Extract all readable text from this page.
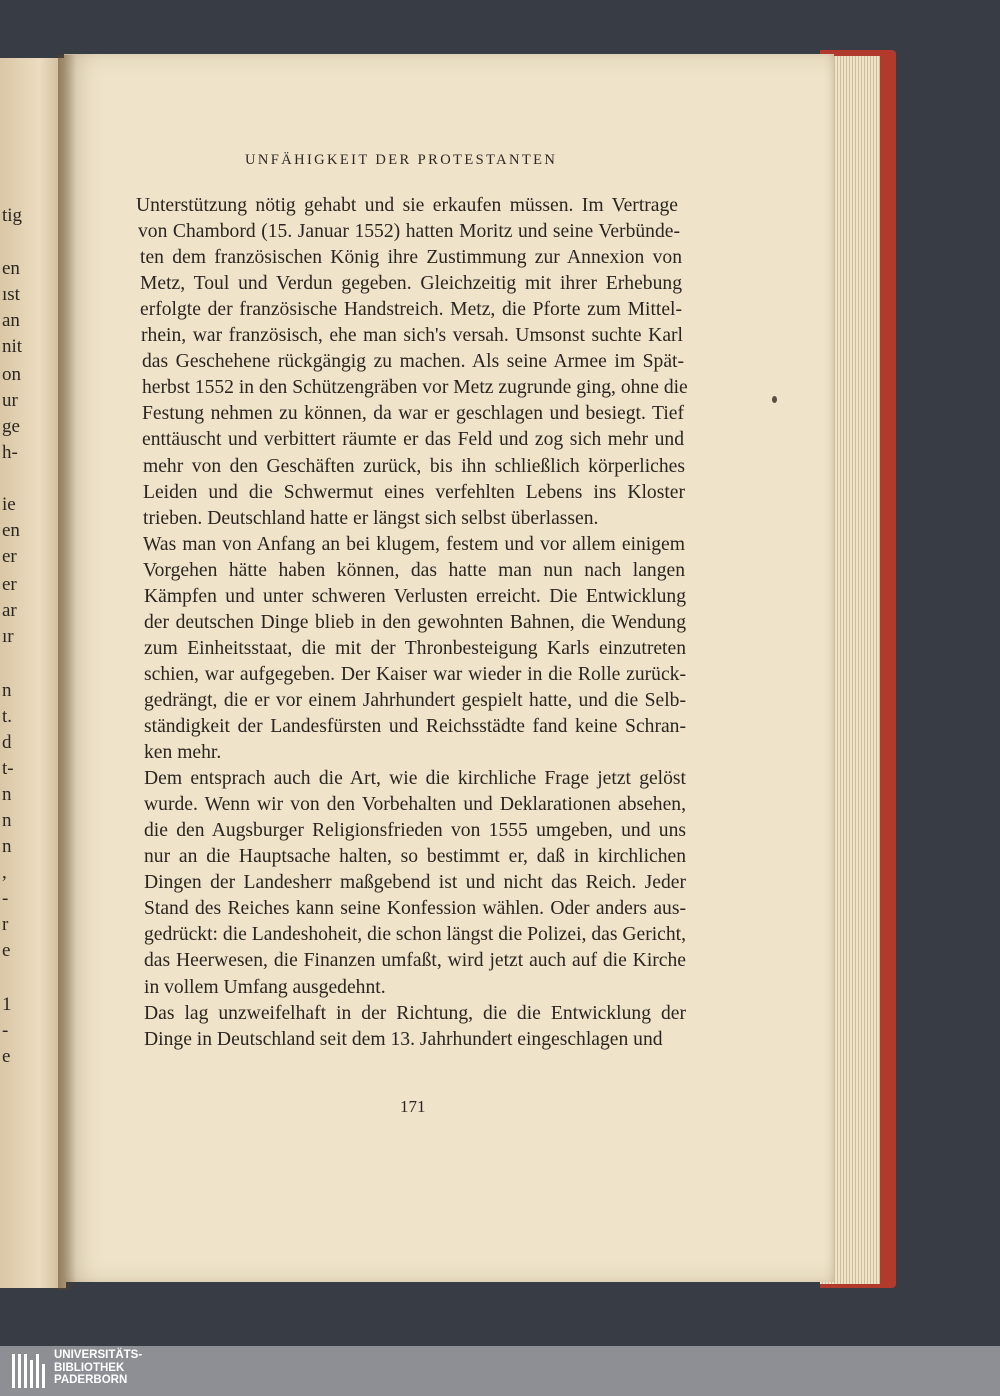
tig
en
ıst
an
nit
on
ur
ge
h-
ie
en
er
er
ar
ır
n
t.
d
t-
n
n
n
,
-
r
e
1
-
e
UNFÄHIGKEIT DER PROTESTANTEN
Unterstützung nötig gehabt und sie erkaufen müssen. Im Vertrage
von Chambord (15. Januar 1552) hatten Moritz und seine Verbünde-
ten dem französischen König ihre Zustimmung zur Annexion von
Metz, Toul und Verdun gegeben. Gleichzeitig mit ihrer Erhebung
erfolgte der französische Handstreich. Metz, die Pforte zum Mittel-
rhein, war französisch, ehe man sich's versah. Umsonst suchte Karl
das Geschehene rückgängig zu machen. Als seine Armee im Spät-
herbst 1552 in den Schützengräben vor Metz zugrunde ging, ohne die
Festung nehmen zu können, da war er geschlagen und besiegt. Tief
enttäuscht und verbittert räumte er das Feld und zog sich mehr und
mehr von den Geschäften zurück, bis ihn schließlich körperliches
Leiden und die Schwermut eines verfehlten Lebens ins Kloster
trieben. Deutschland hatte er längst sich selbst überlassen.
Was man von Anfang an bei klugem, festem und vor allem einigem
Vorgehen hätte haben können, das hatte man nun nach langen
Kämpfen und unter schweren Verlusten erreicht. Die Entwicklung
der deutschen Dinge blieb in den gewohnten Bahnen, die Wendung
zum Einheitsstaat, die mit der Thronbesteigung Karls einzutreten
schien, war aufgegeben. Der Kaiser war wieder in die Rolle zurück-
gedrängt, die er vor einem Jahrhundert gespielt hatte, und die Selb-
ständigkeit der Landesfürsten und Reichsstädte fand keine Schran-
ken mehr.
Dem entsprach auch die Art, wie die kirchliche Frage jetzt gelöst
wurde. Wenn wir von den Vorbehalten und Deklarationen absehen,
die den Augsburger Religionsfrieden von 1555 umgeben, und uns
nur an die Hauptsache halten, so bestimmt er, daß in kirchlichen
Dingen der Landesherr maßgebend ist und nicht das Reich. Jeder
Stand des Reiches kann seine Konfession wählen. Oder anders aus-
gedrückt: die Landeshoheit, die schon längst die Polizei, das Gericht,
das Heerwesen, die Finanzen umfaßt, wird jetzt auch auf die Kirche
in vollem Umfang ausgedehnt.
Das lag unzweifelhaft in der Richtung, die die Entwicklung der
Dinge in Deutschland seit dem 13. Jahrhundert eingeschlagen und
171
UNIVERSITÄTS-
BIBLIOTHEK
PADERBORN
